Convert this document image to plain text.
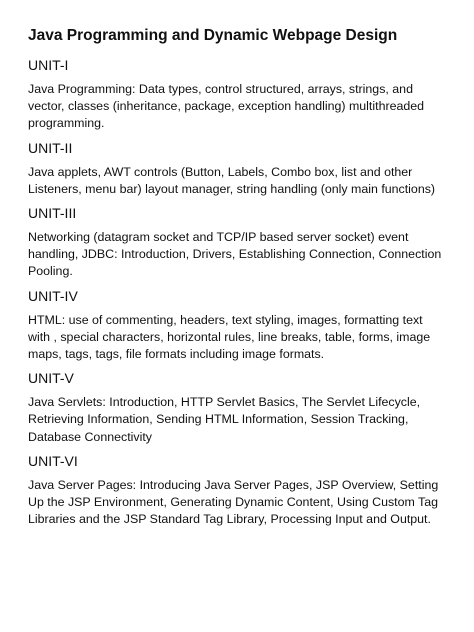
Java Programming and Dynamic Webpage Design
UNIT-I
Java Programming: Data types, control structured, arrays, strings, and
vector, classes (inheritance, package, exception handling) multithreaded
programming.
UNIT-II
Java applets, AWT controls (Button, Labels, Combo box, list and other
Listeners, menu bar) layout manager, string handling (only main functions)
UNIT-III
Networking (datagram socket and TCP/IP based server socket) event
handling, JDBC: Introduction, Drivers, Establishing Connection, Connection
Pooling.
UNIT-IV
HTML: use of commenting, headers, text styling, images, formatting text
with , special characters, horizontal rules, line breaks, table, forms, image
maps, tags, tags, file formats including image formats.
UNIT-V
Java Servlets: Introduction, HTTP Servlet Basics, The Servlet Lifecycle,
Retrieving Information, Sending HTML Information, Session Tracking,
Database Connectivity
UNIT-VI
Java Server Pages: Introducing Java Server Pages, JSP Overview, Setting
Up the JSP Environment, Generating Dynamic Content, Using Custom Tag
Libraries and the JSP Standard Tag Library, Processing Input and Output.
